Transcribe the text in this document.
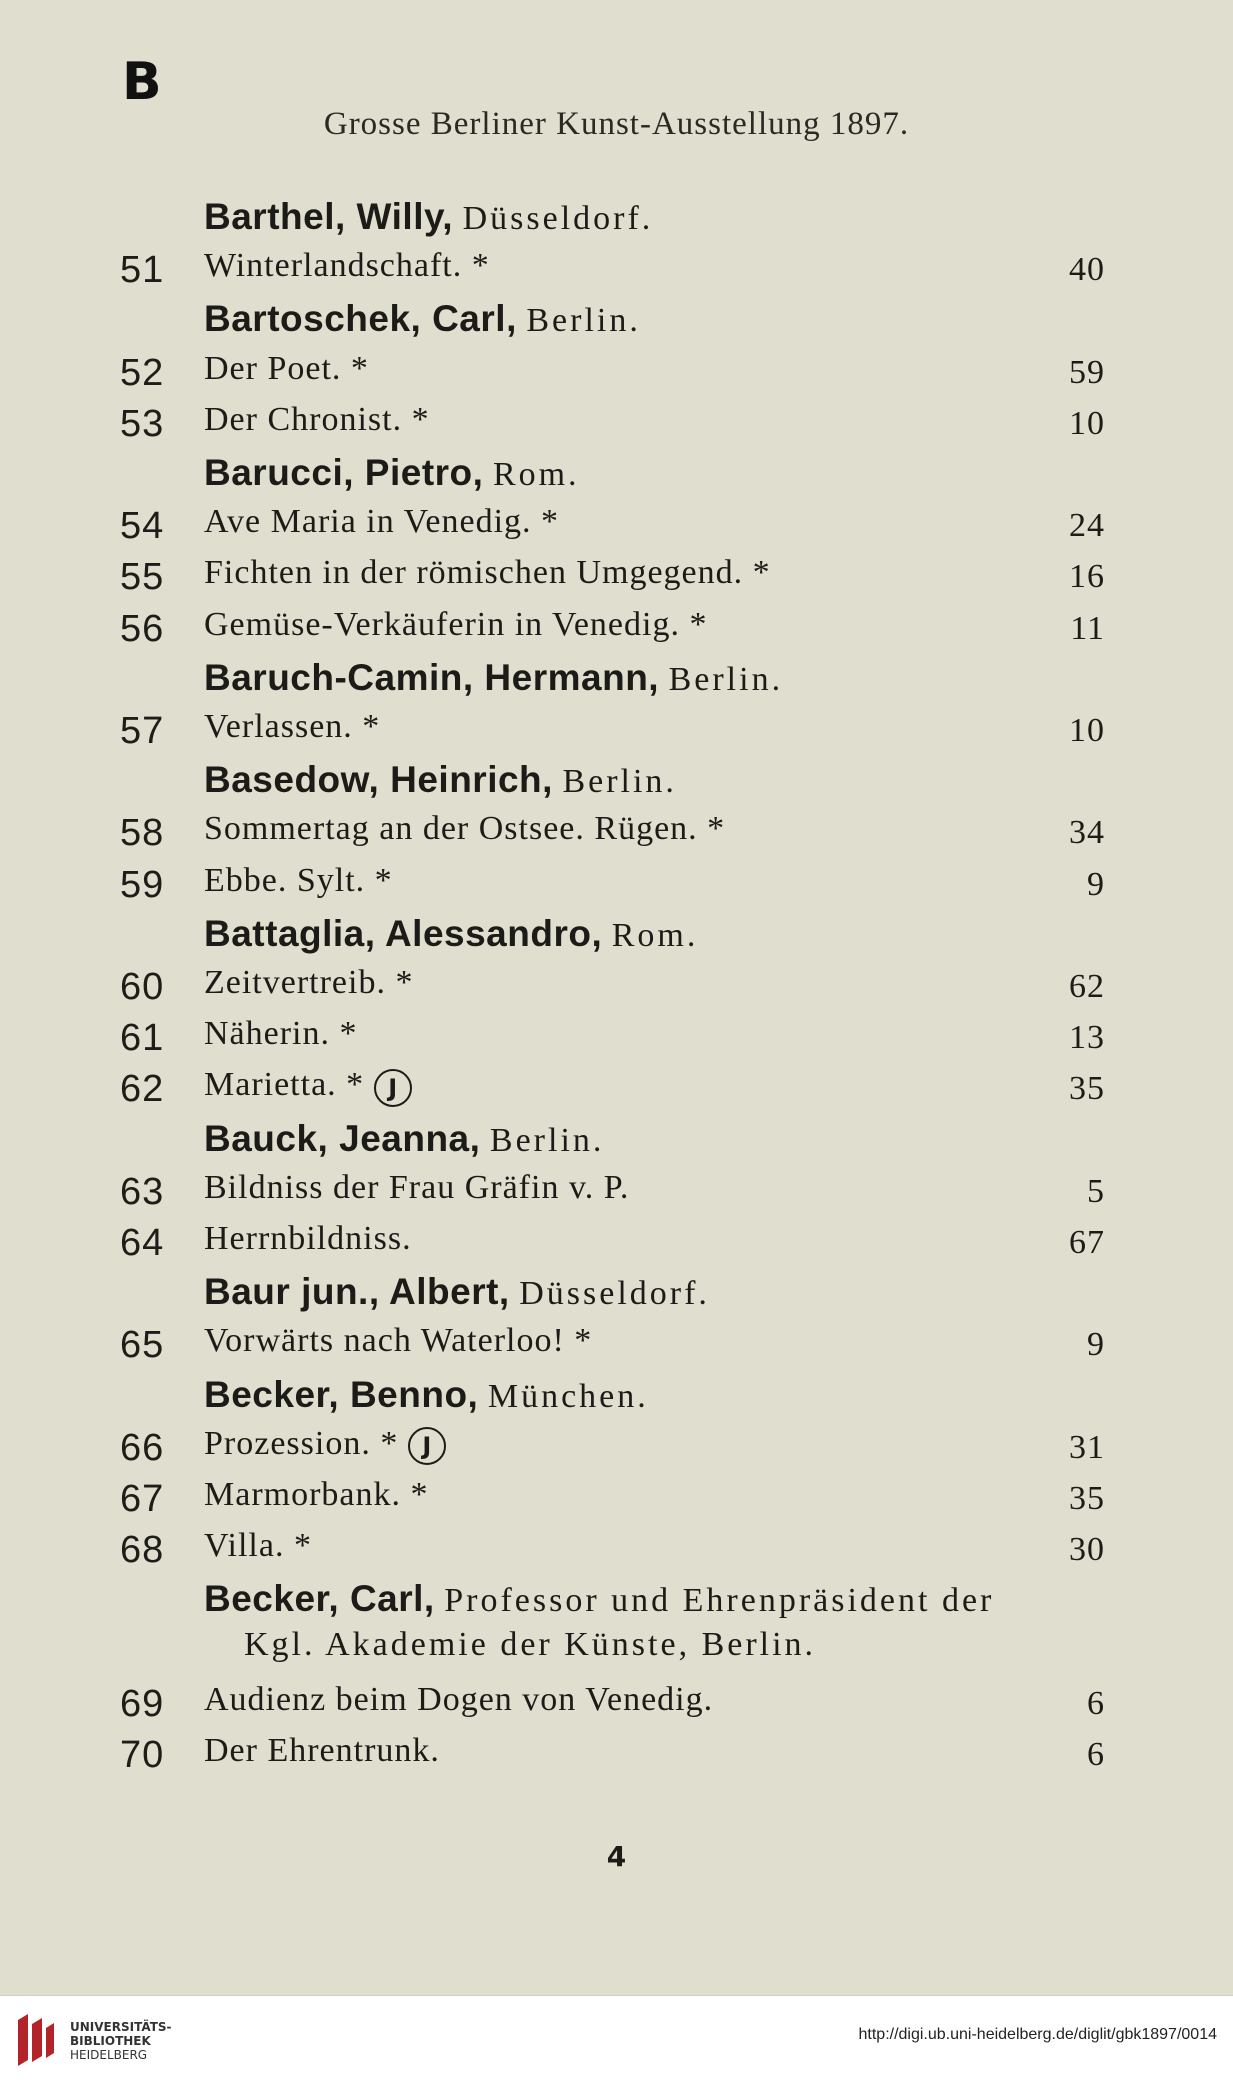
B
Grosse Berliner Kunst-Ausstellung 1897.
Barthel, Willy, Düsseldorf.
51 Winterlandschaft. *	40
Bartoschek, Carl, Berlin.
52 Der Poet. *	59
53 Der Chronist. *	10
Barucci, Pietro, Rom.
54 Ave Maria in Venedig. *	24
55 Fichten in der römischen Umgegend. *	16
56 Gemüse-Verkäuferin in Venedig. *	11
Baruch-Camin, Hermann, Berlin.
57 Verlassen. *	10
Basedow, Heinrich, Berlin.
58 Sommertag an der Ostsee. Rügen. *	34
59 Ebbe. Sylt. *	9
Battaglia, Alessandro, Rom.
60 Zeitvertreib. *	62
61 Näherin. *	13
62 Marietta. * J	35
Bauck, Jeanna, Berlin.
63 Bildniss der Frau Gräfin v. P.	5
64 Herrnbildniss.	67
Baur jun., Albert, Düsseldorf.
65 Vorwärts nach Waterloo! *	9
Becker, Benno, München.
66 Prozession. * J	31
67 Marmorbank. *	35
68 Villa. *	30
Becker, Carl, Professor und Ehrenpräsident der
Kgl. Akademie der Künste, Berlin.
69 Audienz beim Dogen von Venedig.	6
70 Der Ehrentrunk.	6
4
UNIVERSITÄTS-
BIBLIOTHEK
HEIDELBERG
http://digi.ub.uni-heidelberg.de/diglit/gbk1897/0014
